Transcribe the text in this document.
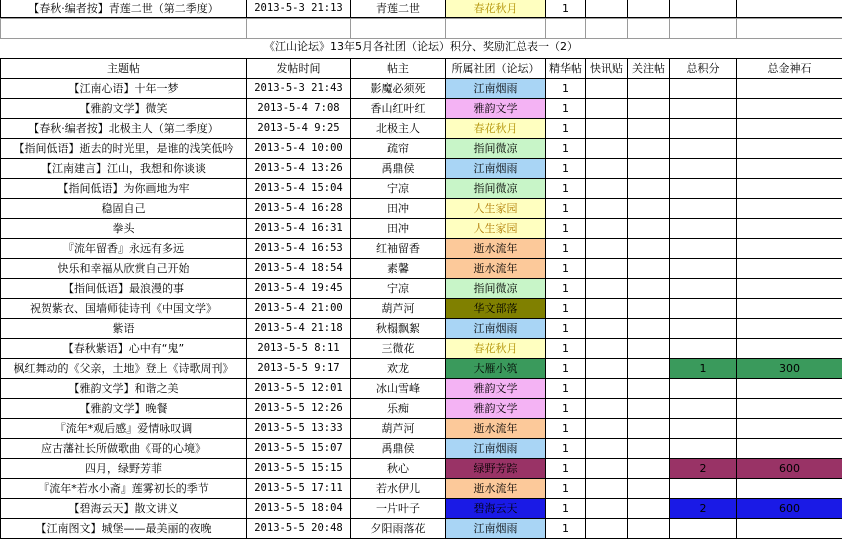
【春秋·编者按】青莲二世（第二季度）	2013-5-3 21:13	青莲二世	春花秋月	1				

《江山论坛》13年5月各社团（论坛）积分、奖励汇总表一（2）
主题帖	发帖时间	帖主	所属社团（论坛）	精华帖	快讯贴	关注帖	总积分	总金神石
【江南心语】十年一梦	2013-5-3 21:43	影魔必须死	江南烟雨	1				
【雅韵文学】微笑	2013-5-4 7:08	香山红叶红	雅韵文学	1				
【春秋·编者按】北极主人（第二季度）	2013-5-4 9:25	北极主人	春花秋月	1				
【指间低语】逝去的时光里，是谁的浅笑低吟	2013-5-4 10:00	疏帘	指间微凉	1				
【江南建言】江山，我想和你谈谈	2013-5-4 13:26	禹鼎侯	江南烟雨	1				
【指间低语】为你画地为牢	2013-5-4 15:04	宁凉	指间微凉	1				
稳固自己	2013-5-4 16:28	田冲	人生家园	1				
拳头	2013-5-4 16:31	田冲	人生家园	1				
『流年留香』永远有多远	2013-5-4 16:53	红袖留香	逝水流年	1				
快乐和幸福从欣赏自己开始	2013-5-4 18:54	素馨	逝水流年	1				
【指间低语】最浪漫的事	2013-5-4 19:45	宁凉	指间微凉	1				
祝贺紫衣、国墙师徒诗刊《中国文学》	2013-5-4 21:00	葫芦河	华文部落	1				
紫语	2013-5-4 21:18	秋榻飘絮	江南烟雨	1				
【春秋紫语】心中有“鬼”	2013-5-5 8:11	三微花	春花秋月	1				
枫红舞动的《父亲，土地》登上《诗歌周刊》	2013-5-5 9:17	欢龙	大雁小筑	1			1	300
【雅韵文学】和谐之美	2013-5-5 12:01	冰山雪峰	雅韵文学	1				
【雅韵文学】晚餐	2013-5-5 12:26	乐痴	雅韵文学	1				
『流年*观后感』爱情咏叹调	2013-5-5 13:33	葫芦河	逝水流年	1				
应古藩社长所做歌曲《哥的心境》	2013-5-5 15:07	禹鼎侯	江南烟雨	1				
四月，绿野芳菲	2013-5-5 15:15	秋心	绿野芳踪	1			2	600
『流年*若水小斋』莲雾初长的季节	2013-5-5 17:11	若水伊儿	逝水流年	1				
【碧海云天】散文讲义	2013-5-5 18:04	一片叶子	碧海云天	1			2	600
【江南图文】城堡——最美丽的夜晚	2013-5-5 20:48	夕阳雨落花	江南烟雨	1				
